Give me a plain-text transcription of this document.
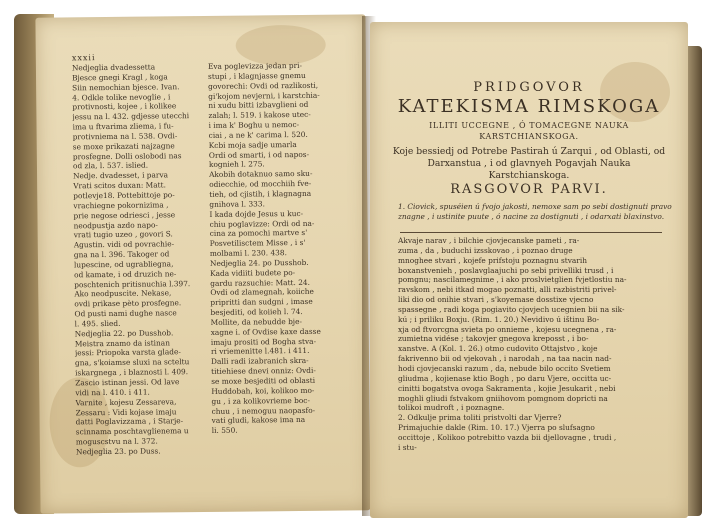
xxxii
Nedjeglia dvadessetta
Bjesce gnegi Kragl , koga
Siin nemochian bjesce. Ivan.
4. Odkle tolike nevoglie , i
protivnosti, kojee , i kolikee
jessu na l. 432. gdjesse utecchi
ima u ftvarima zliema, i fu-
protivniema na l. 538. Ovdi-
se moxe prikazati najzagne
prosfegne. Dolli oslobodi nas
od zla, l. 537. islied.
Nedje. dvadesset, i parva
Vrati scitos duxan: Matt.
potlevje18. Pottebittoje po-
vrachiegne pokornizima ,
prie negose odriesci , jesse
neodpustja azdo napo-
vrati tugio uzeo , govori S.
Agustin. vidi od povrachie-
gna na l. 396. Takoger od
lupescine, od ugrabliegna,
od kamate, i od druzich ne-
poschtenich pritisnuchia l.397.
Ako neodpuscite. Nekase,
ovdi prikase pèto prosfegne.
Od pusti nami dughe nasce
l. 495. slied.
Nedjeglia 22. po Dusshob.
Meistra znamo da istinan
jessi: Priopoka varsta glade-
gna, s'koiamse sluxi na scteltu
iskargnega , i blaznosti l. 409.
Zascio istinan jessi. Od lave
vidi na l. 410. i 411.
Varnite , kojesu Zessareva,
Zessaru : Vidi kojase imaju
datti Poglavizzama , i Starje-
scinnama poschtavglienema u
moguscstvu na l. 372.
Nedjeglia 23. po Duss.
Eva poglevizza jedan pri-
stupi , i klagnjasse gnemu
govorechi: Ovdi od razlikosti,
gi'kojom nevjerni, i karstchia-
ni xudu bitti izbavglieni od
zalah; l. 519. i kakose utec-
i ima k' Boghu u nemoc-
ciai , a ne k' carima l. 520.
Kcbi moja sadje umarla
Ordi od smarti, i od napos-
kognieh l. 275.
Akobih dotaknuo samo sku-
odiecchie, od mocchiih fve-
tieh, od cjistih, i klagnagna
gnihova l. 333.
I kada dojde Jesus u kuc-
chiu poglavizze: Ordi od na-
cina za pomochi martve s'
Posvetilisctem Misse , i s'
molbami l. 230. 438.
Nedjeglia 24. po Dusshob.
Kada vidiiti budete po-
gardu razsuchie: Matt. 24.
Ovdi od zlamegnah, koiiche
pripritti dan sudgni , imase
besjediti, od koiieh l. 74.
Mollite, da nebudde bje-
xagne i. of Ovdise kaxe dasse
imaju prositi od Bogha stva-
ri vriemenitte l.481. i 411.
Dalli radi izabranich skra-
titiehiese dnevi onniz: Ovdi-
se moxe besjediti od oblasti
Huddobah, koi, kolikoo mo-
gu , i za kolikovrieme boc-
chuu , i nemoguu naopasfo-
vati gludi, kakose ima na
li. 550.
PRIDGOVOR
KATEKISMA RIMSKOGA
ILLITI UCCEGNE , Ó TOMACEGNE NAUKA
KARSTCHIANSKOGA.
Koje bessiedj od Potrebe Pastirah ú Zarqui , od Oblasti, od Darxanstua , i od glavnyeh Pogavjah Nauka Karstchianskoga.
RASGOVOR PARVI.
1. Ciovick, spuséien ú fvojo jakosti, nemoxe sam po sebi dostignuti pravo znagne , i ustinite puute , ó nacine za dostignuti , i odarxati blaxinstvo.
Akvaje narav , i bilchie cjovjecanske pameti , ra-
zuma , da , buduchi izsskovao , i poznao druge
mnoghee stvari , kojefe prifstoju poznagnu stvarih
boxanstvenieh , poslavglaajuchi po sebi privelliki trusd , i
pomgnu; nascilamegnime , i ako proslvietglien fvjetlostiu na-
ravskom , nebi itkad mogao poznatti, alli razbistriti privel-
liki dio od onihie stvari , s'koyemase dosstixe vjecno
spassegne , radi koga pogiavito cjovjech ucegnien bii na sik-
kú ; i priliku Boxju. (Rim. 1. 20.) Nevidivo ú ištinu Bo-
xja od ftvorcgna svieta po onnieme , kojesu ucegnena , ra-
zumietna vidése ; takovjer gnegova kreposst , i bo-
xanstve. A (Kol. 1. 26.) otmo cudovito Ottajstvo , koje
fakrivenno bii od vjekovah , i narodah , na taa nacin nad-
hodi cjovjecanski razum , da, nebude bilo occito Svetiem
gliudma , kojienase ktio Bogh , po daru Vjere, occitta uc-
cinitti bogatstva ovoga Sakramenta , kojie Jesukarit , nebi
moghli gliudi fstvakom gniihovom pomgnom dopricti na
tolikoi mudroft , i poznagne.
2. Odkulje prima toliti pristvolti dar Vjerre?
Primajuchie dakle (Rim. 10. 17.) Vjerra po slufsagno
occittoje , Kolikoo potrebitto vazda bii djellovagne , trudi ,
i stu-
